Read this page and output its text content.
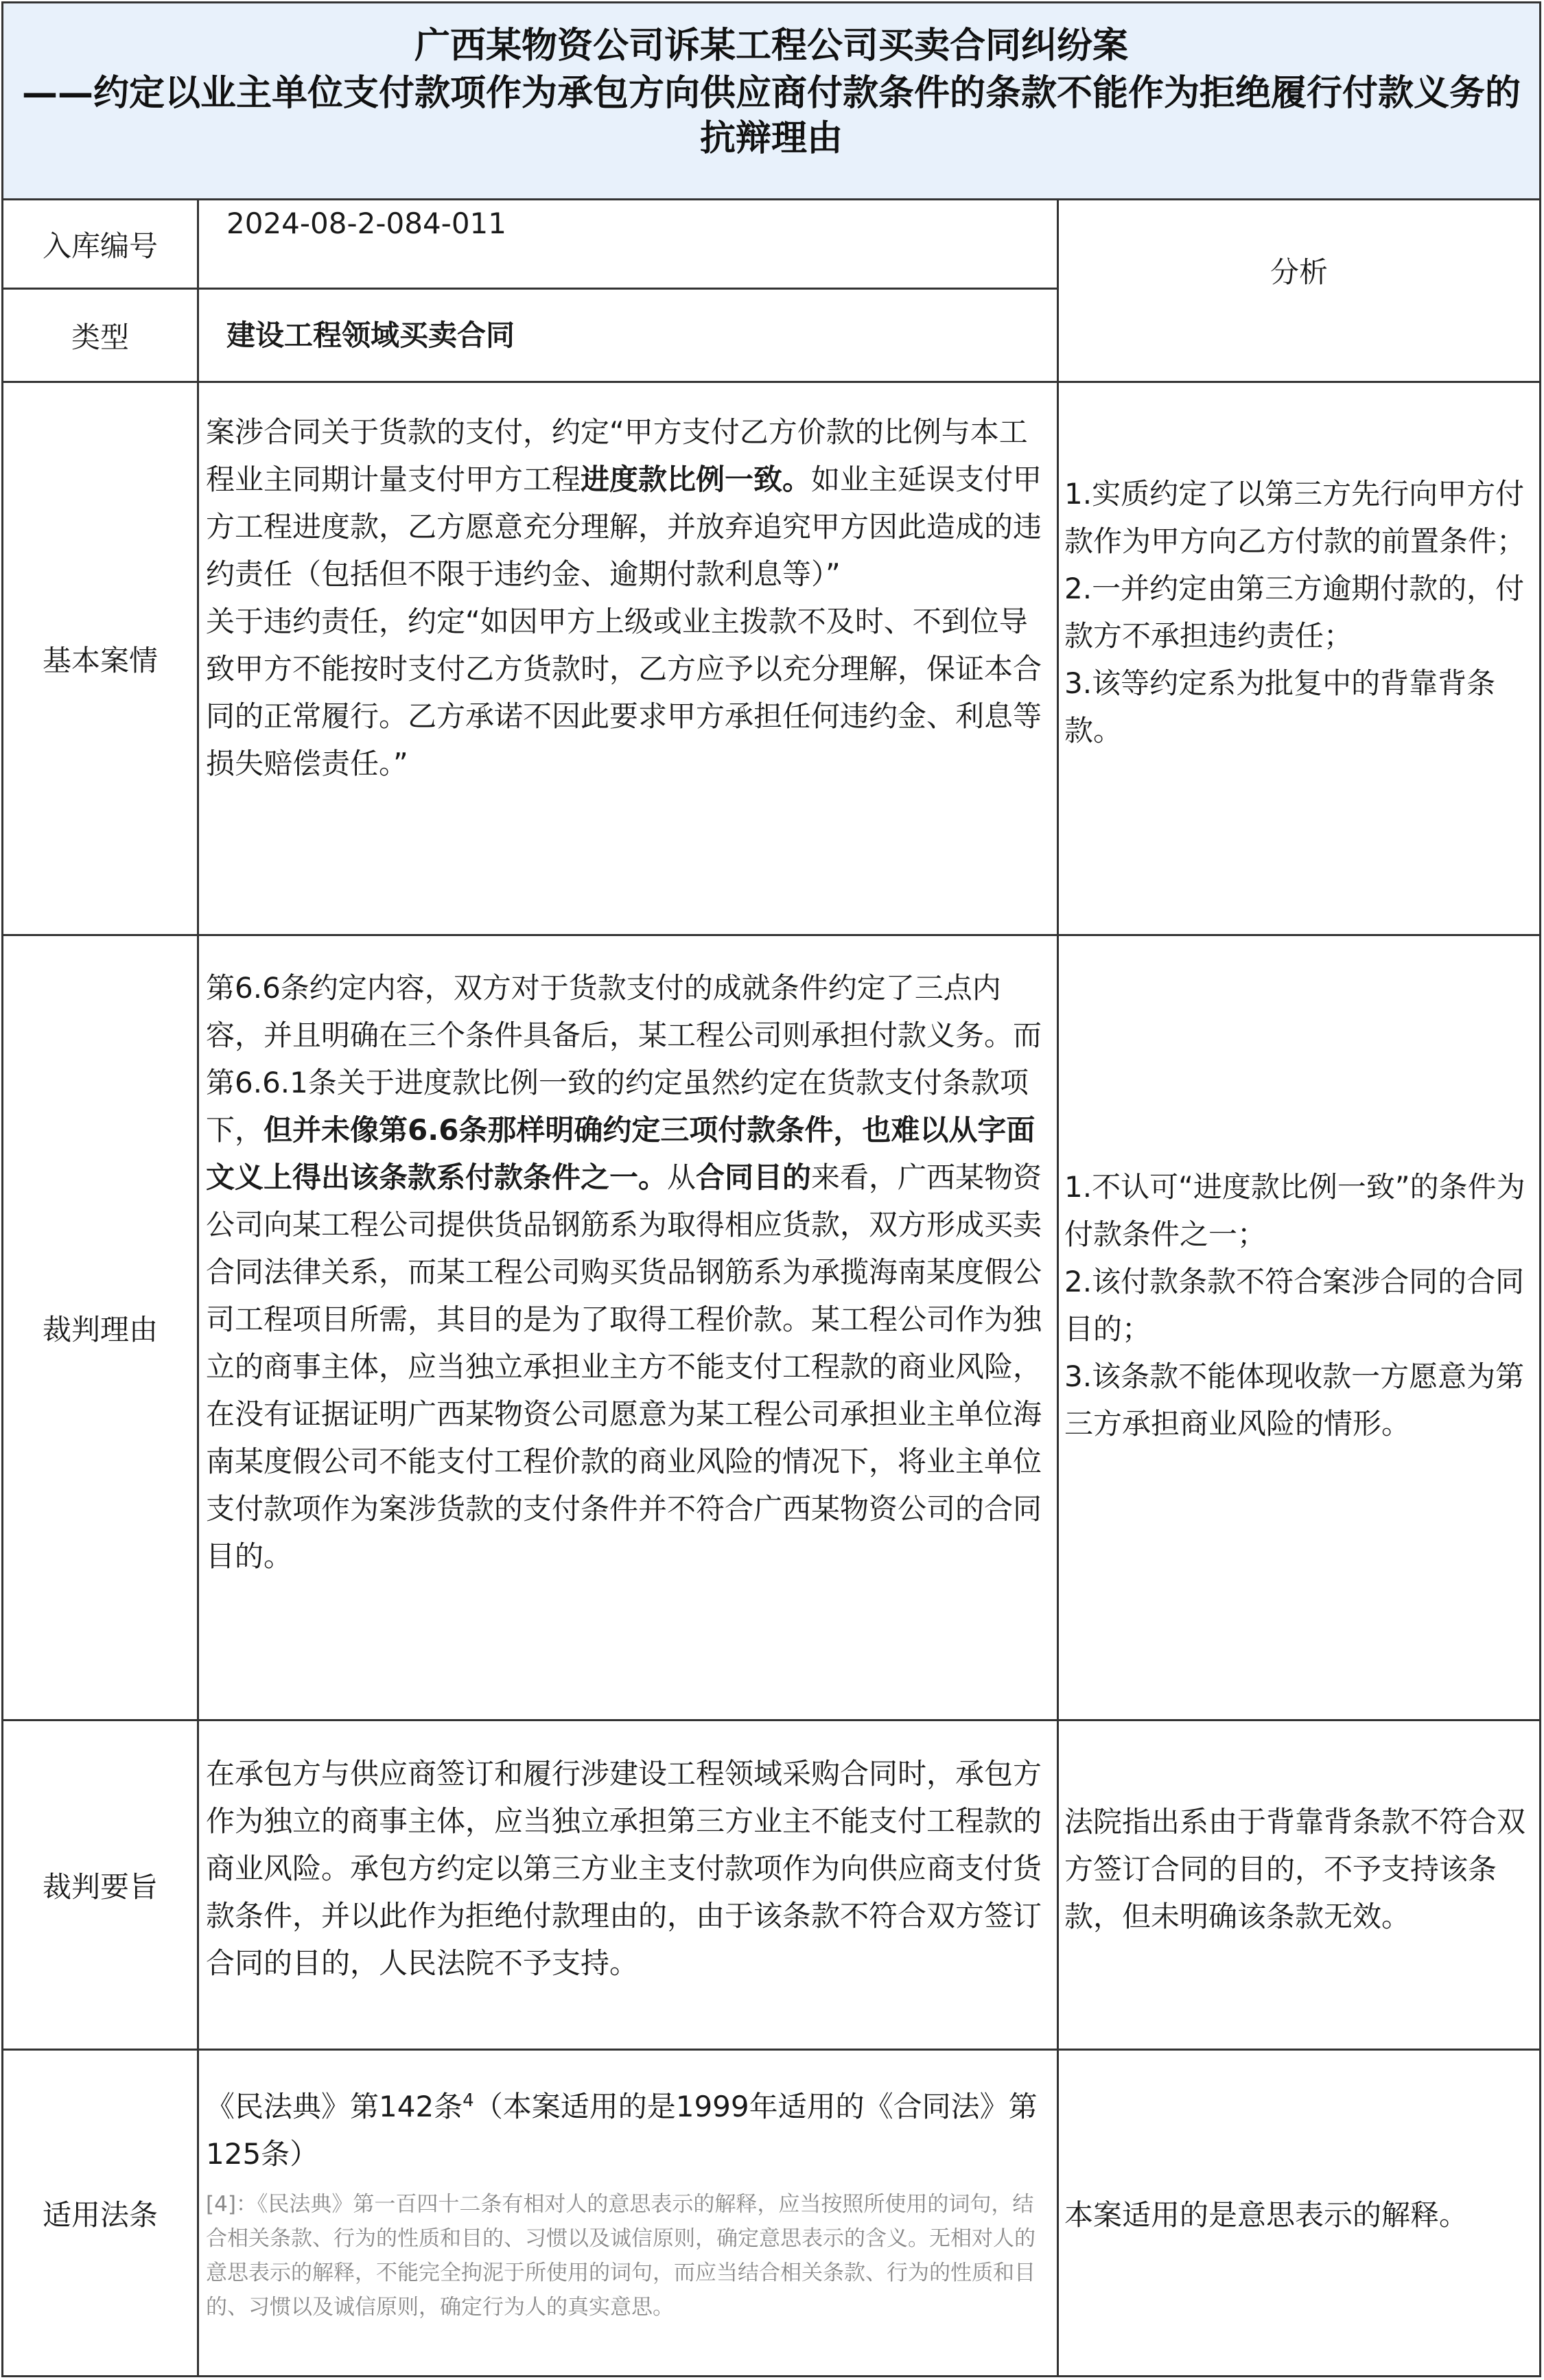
广西某物资公司诉某工程公司买卖合同纠纷案
——约定以业主单位支付款项作为承包方向供应商付款条件的条款不能作为拒绝履行付款义务的抗辩理由
入库编号
2024-08-2-084-011
类型	建设工程领域买卖合同
分析
基本案情
案涉合同关于货款的支付，约定“甲方支付乙方价款的比例与本工程业主同期计量支付甲方工程进度款比例一致。如业主延误支付甲方工程进度款，乙方愿意充分理解，并放弃追究甲方因此造成的违约责任（包括但不限于违约金、逾期付款利息等）”
关于违约责任，约定“如因甲方上级或业主拨款不及时、不到位导致甲方不能按时支付乙方货款时，乙方应予以充分理解，保证本合同的正常履行。乙方承诺不因此要求甲方承担任何违约金、利息等损失赔偿责任。”
1.实质约定了以第三方先行向甲方付款作为甲方向乙方付款的前置条件；
2.一并约定由第三方逾期付款的，付款方不承担违约责任；
3.该等约定系为批复中的背靠背条款。
裁判理由
第6.6条约定内容，双方对于货款支付的成就条件约定了三点内容，并且明确在三个条件具备后，某工程公司则承担付款义务。而第6.6.1条关于进度款比例一致的约定虽然约定在货款支付条款项下，但并未像第6.6条那样明确约定三项付款条件，也难以从字面文义上得出该条款系付款条件之一。从合同目的来看，广西某物资公司向某工程公司提供货品钢筋系为取得相应货款，双方形成买卖合同法律关系，而某工程公司购买货品钢筋系为承揽海南某度假公司工程项目所需，其目的是为了取得工程价款。某工程公司作为独立的商事主体，应当独立承担业主方不能支付工程款的商业风险，在没有证据证明广西某物资公司愿意为某工程公司承担业主单位海南某度假公司不能支付工程价款的商业风险的情况下，将业主单位支付款项作为案涉货款的支付条件并不符合广西某物资公司的合同目的。
1.不认可“进度款比例一致”的条件为付款条件之一；
2.该付款条款不符合案涉合同的合同目的；
3.该条款不能体现收款一方愿意为第三方承担商业风险的情形。
裁判要旨
在承包方与供应商签订和履行涉建设工程领域采购合同时，承包方作为独立的商事主体，应当独立承担第三方业主不能支付工程款的商业风险。承包方约定以第三方业主支付款项作为向供应商支付货款条件，并以此作为拒绝付款理由的，由于该条款不符合双方签订合同的目的，人民法院不予支持。
法院指出系由于背靠背条款不符合双方签订合同的目的，不予支持该条款，但未明确该条款无效。
适用法条
《民法典》第142条$^4$（本案适用的是1999年适用的《合同法》第125条）
[4]：《民法典》第一百四十二条有相对人的意思表示的解释，应当按照所使用的词句，结合相关条款、行为的性质和目的、习惯以及诚信原则，确定意思表示的含义。无相对人的意思表示的解释，不能完全拘泥于所使用的词句，而应当结合相关条款、行为的性质和目的、习惯以及诚信原则，确定行为人的真实意思。
本案适用的是意思表示的解释。
